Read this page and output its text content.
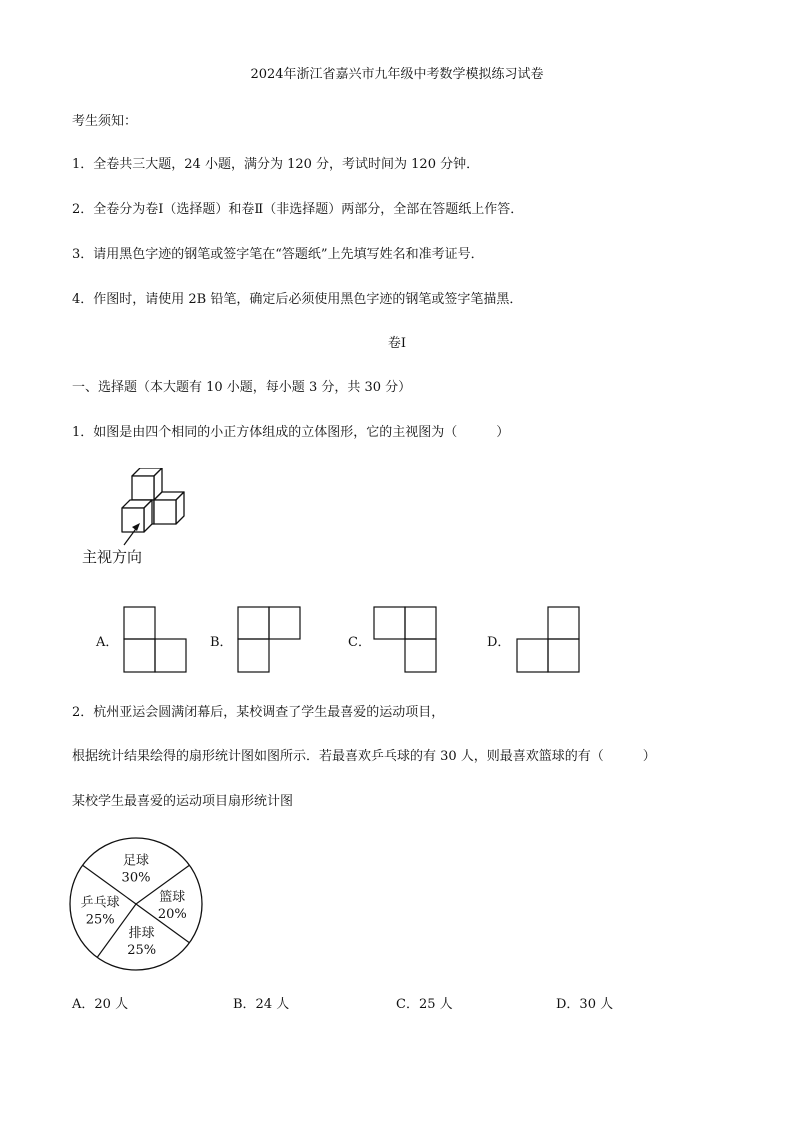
2024年浙江省嘉兴市九年级中考数学模拟练习试卷
考生须知：
1．全卷共三大题，24 小题，满分为 120 分，考试时间为 120 分钟．
2．全卷分为卷Ⅰ（选择题）和卷Ⅱ（非选择题）两部分，全部在答题纸上作答．
3．请用黑色字迹的钢笔或签字笔在“答题纸”上先填写姓名和准考证号．
4．作图时，请使用 2B 铅笔，确定后必须使用黑色字迹的钢笔或签字笔描黑．
卷Ⅰ
一、选择题（本大题有 10 小题，每小题 3 分，共 30 分）
1．如图是由四个相同的小正方体组成的立体图形，它的主视图为（　　　）
主视方向
A．	B．	C．	D．
2．杭州亚运会圆满闭幕后，某校调查了学生最喜爱的运动项目，
根据统计结果绘得的扇形统计图如图所示．若最喜欢乒乓球的有 30 人，则最喜欢篮球的有（　　　）
某校学生最喜爱的运动项目扇形统计图
足球
30%
篮球
20%
排球
25%
乒乓球
25%
A．20 人	B．24 人	C．25 人	D．30 人
